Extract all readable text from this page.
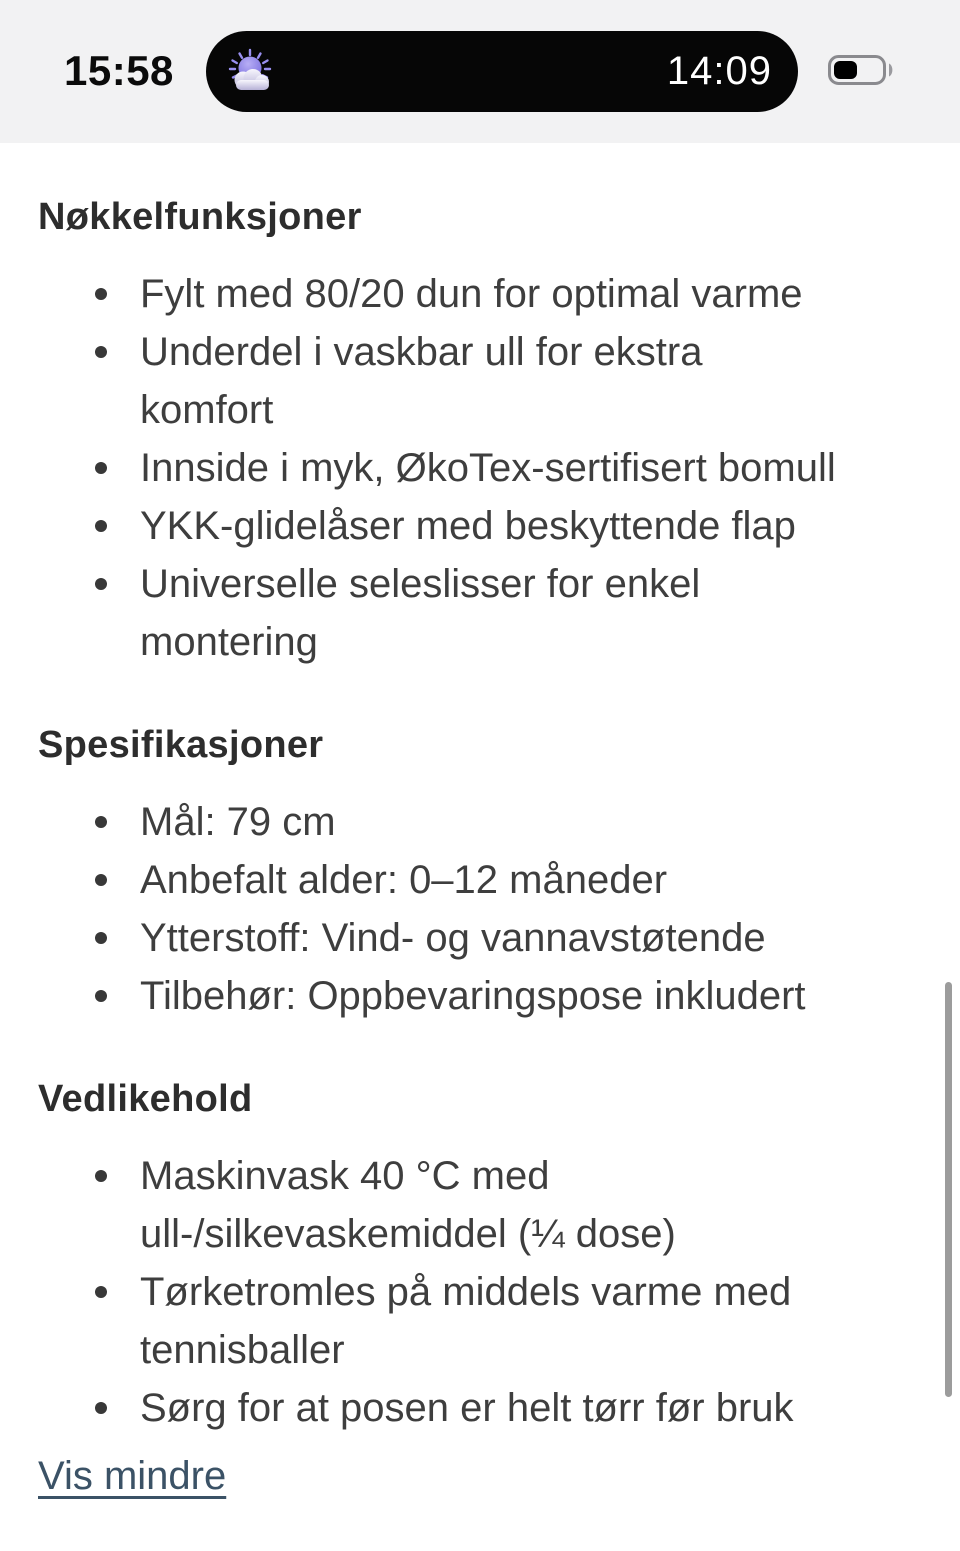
15:58	14:09
Nøkkelfunksjoner
Fylt med 80/20 dun for optimal varme
Underdel i vaskbar ull for ekstra komfort
Innside i myk, ØkoTex-sertifisert bomull
YKK-glidelåser med beskyttende flap
Universelle seleslisser for enkel montering
Spesifikasjoner
Mål: 79 cm
Anbefalt alder: 0–12 måneder
Ytterstoff: Vind- og vannavstøtende
Tilbehør: Oppbevaringspose inkludert
Vedlikehold
Maskinvask 40 °C med ull-/silkevaskemiddel (¼ dose)
Tørketromles på middels varme med tennisballer
Sørg for at posen er helt tørr før bruk
Vis mindre
